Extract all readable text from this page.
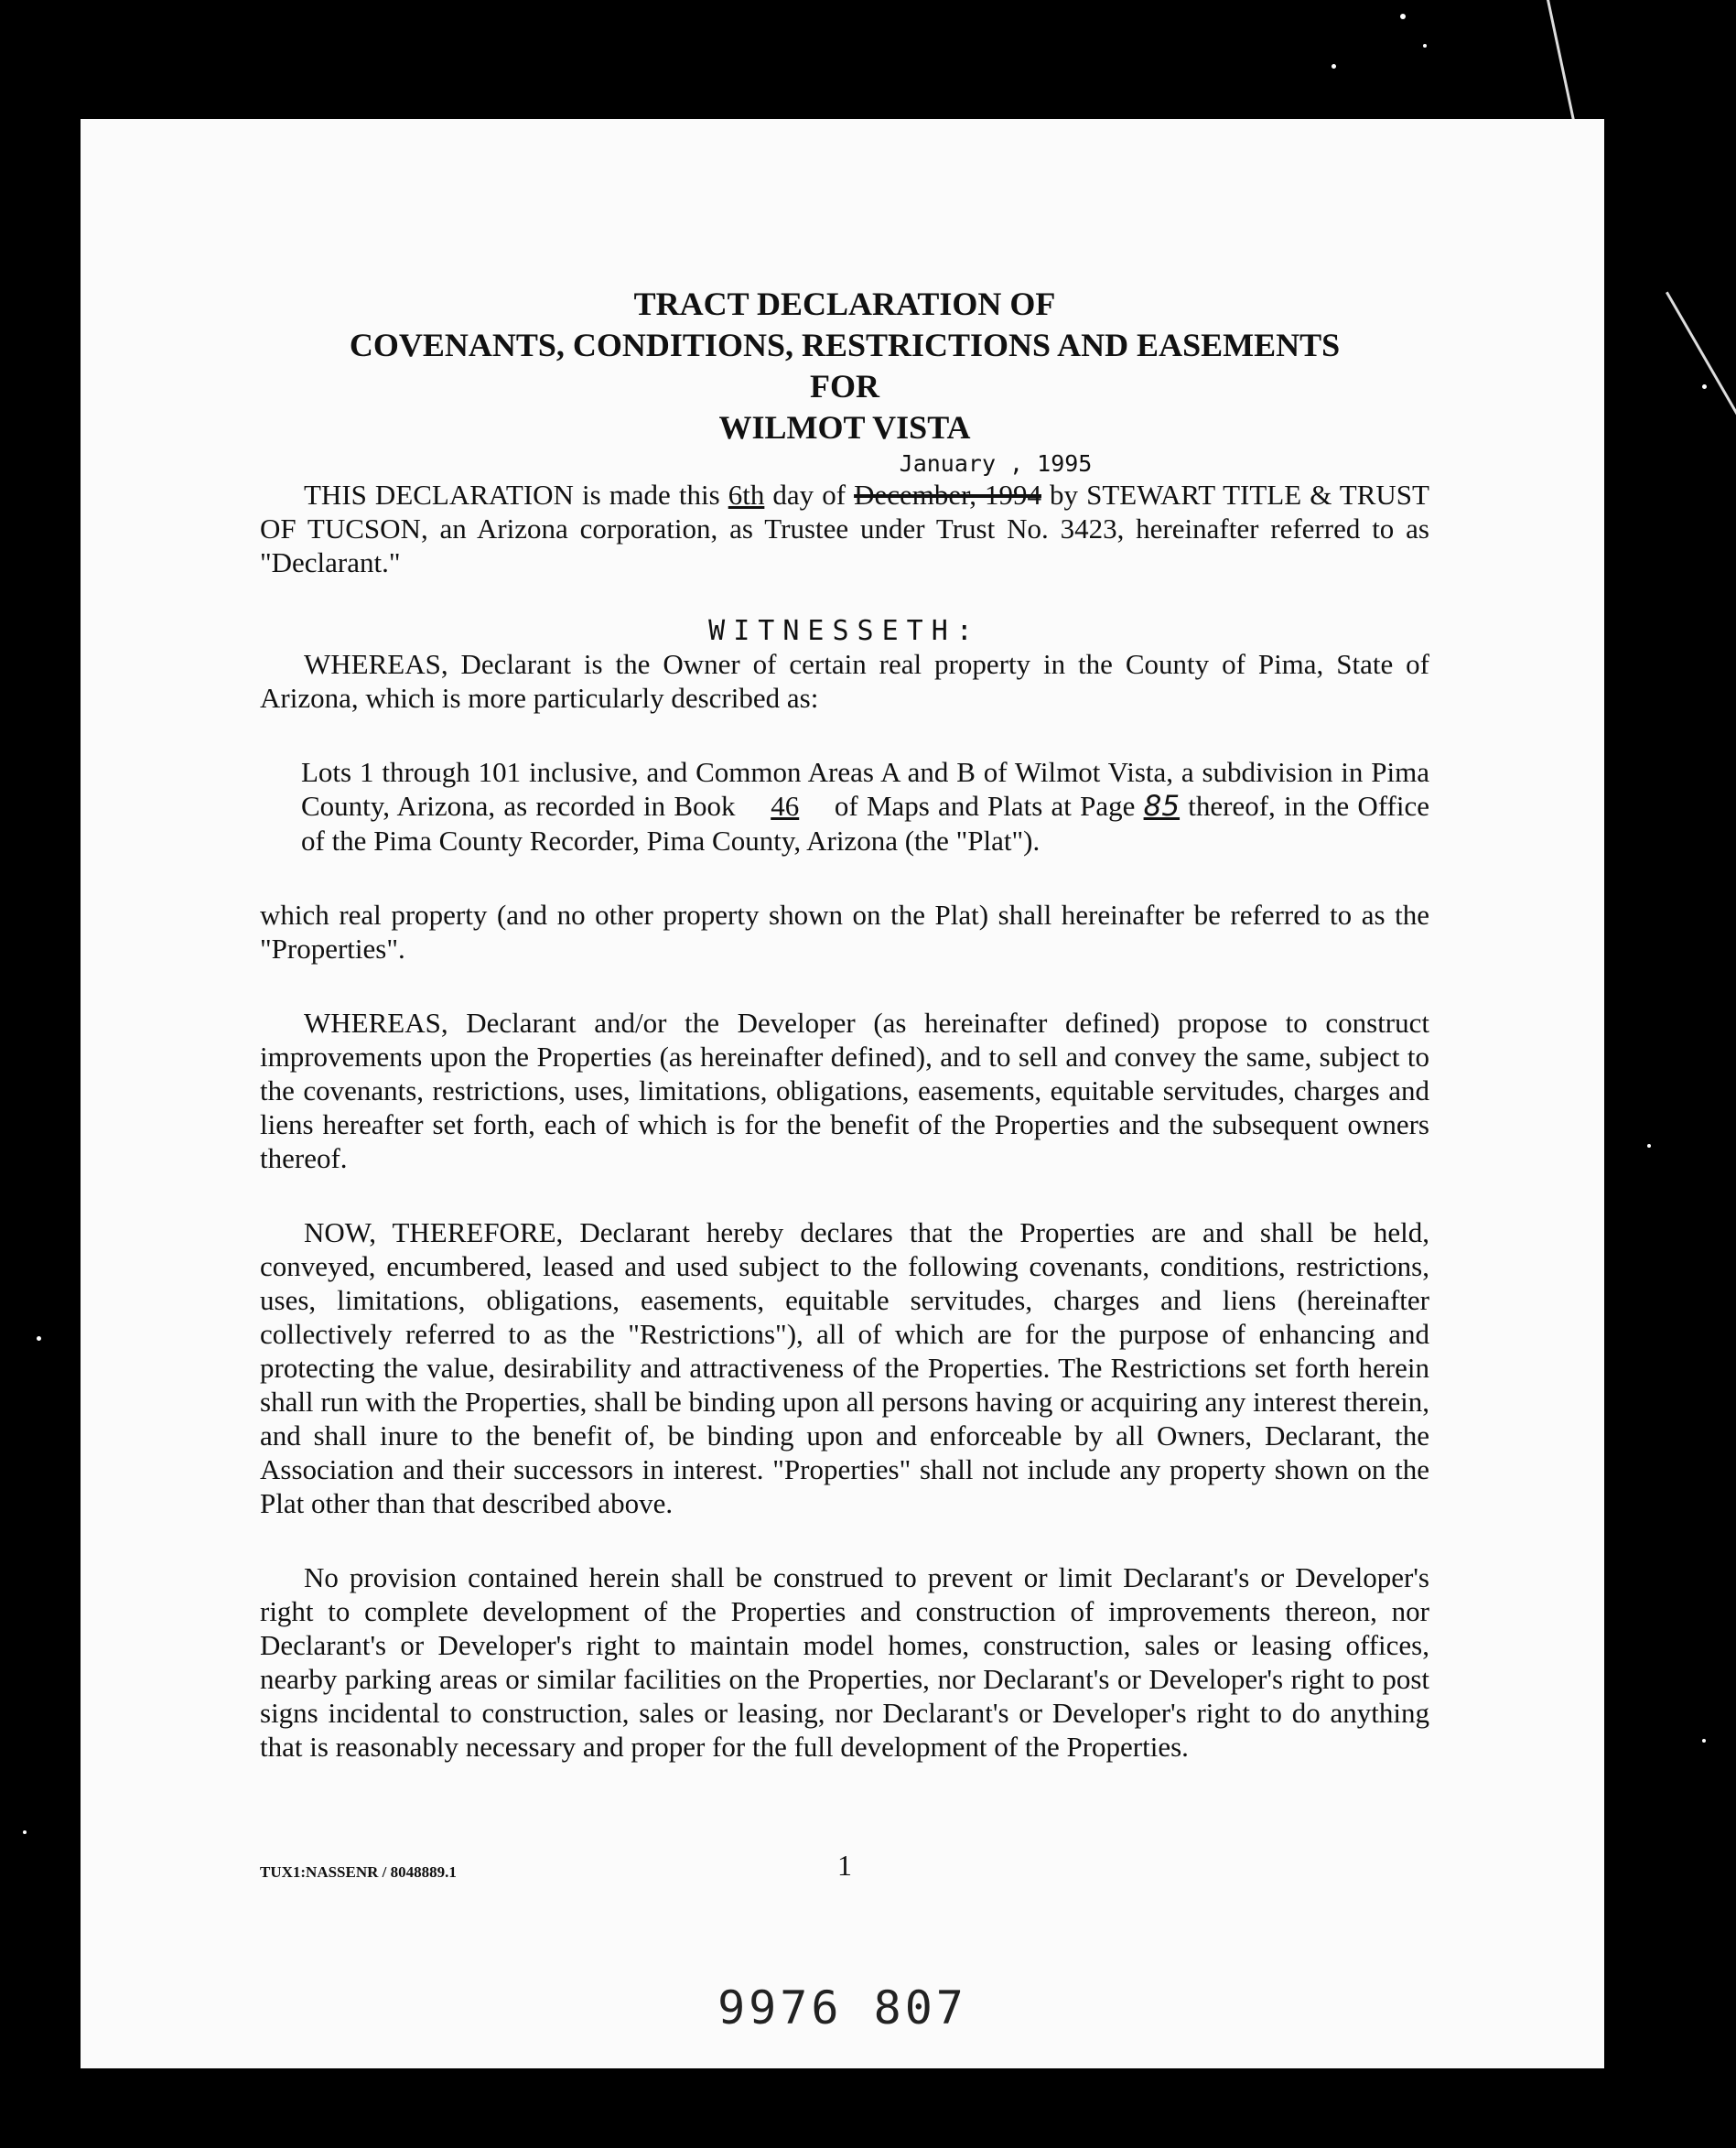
TRACT DECLARATION OF

COVENANTS, CONDITIONS, RESTRICTIONS AND EASEMENTS

FOR

WILMOT VISTA

January , 1995

THIS DECLARATION is made this 6th day of December, 1994 by STEWART TITLE & TRUST OF TUCSON, an Arizona corporation, as Trustee under Trust No. 3423, hereinafter referred to as "Declarant."

WITNESSETH:

WHEREAS, Declarant is the Owner of certain real property in the County of Pima, State of Arizona, which is more particularly described as:

Lots 1 through 101 inclusive, and Common Areas A and B of Wilmot Vista, a subdivision in Pima County, Arizona, as recorded in Book 46 of Maps and Plats at Page 85 thereof, in the Office of the Pima County Recorder, Pima County, Arizona (the "Plat").

which real property (and no other property shown on the Plat) shall hereinafter be referred to as the "Properties".

WHEREAS, Declarant and/or the Developer (as hereinafter defined) propose to construct improvements upon the Properties (as hereinafter defined), and to sell and convey the same, subject to the covenants, restrictions, uses, limitations, obligations, easements, equitable servitudes, charges and liens hereafter set forth, each of which is for the benefit of the Properties and the subsequent owners thereof.

NOW, THEREFORE, Declarant hereby declares that the Properties are and shall be held, conveyed, encumbered, leased and used subject to the following covenants, conditions, restrictions, uses, limitations, obligations, easements, equitable servitudes, charges and liens (hereinafter collectively referred to as the "Restrictions"), all of which are for the purpose of enhancing and protecting the value, desirability and attractiveness of the Properties. The Restrictions set forth herein shall run with the Properties, shall be binding upon all persons having or acquiring any interest therein, and shall inure to the benefit of, be binding upon and enforceable by all Owners, Declarant, the Association and their successors in interest. "Properties" shall not include any property shown on the Plat other than that described above.

No provision contained herein shall be construed to prevent or limit Declarant's or Developer's right to complete development of the Properties and construction of improvements thereon, nor Declarant's or Developer's right to maintain model homes, construction, sales or leasing offices, nearby parking areas or similar facilities on the Properties, nor Declarant's or Developer's right to post signs incidental to construction, sales or leasing, nor Declarant's or Developer's right to do anything that is reasonably necessary and proper for the full development of the Properties.

TUX1:NASSENR / 8048889.1	1
9976 807
